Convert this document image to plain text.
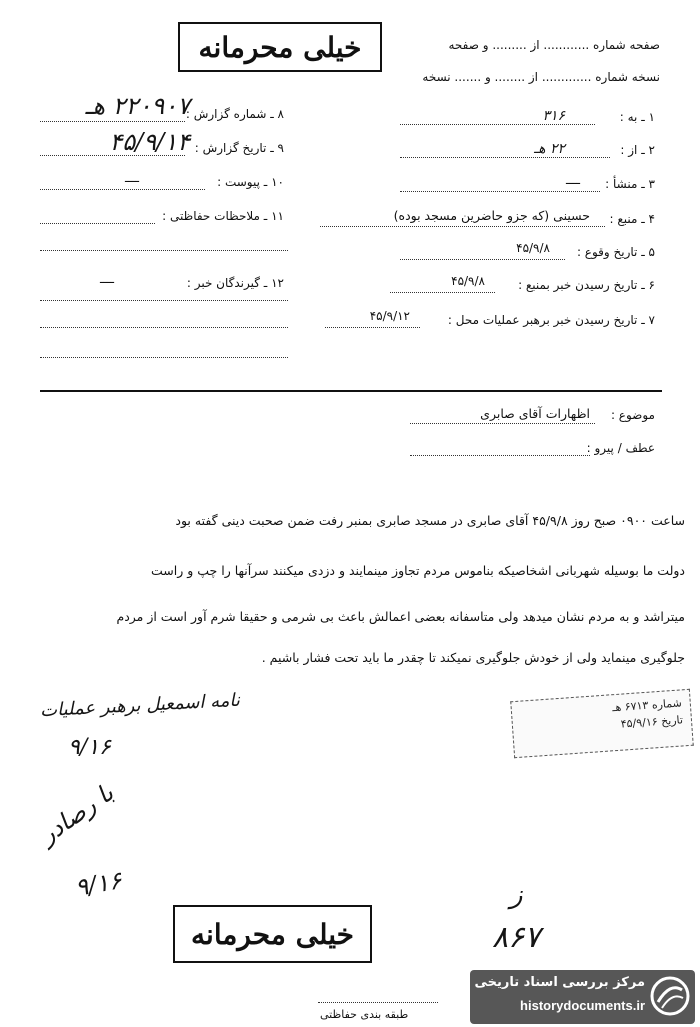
خیلی محرمانه	صفحه شماره ............ از ......... و صفحه
نسخه شماره ............. از ........ و ....... نسخه
۱ ـ به :
۳۱۶
۲ ـ از :
۲۲ هـ
۳ ـ منشأ :
ــــ
۴ ـ منبع :
حسینی (که جزو حاضرین مسجد بوده)
۵ ـ تاریخ وقوع :
۴۵/۹/۸
۶ ـ تاریخ رسیدن خبر بمنبع :
۴۵/۹/۸
۷ ـ تاریخ رسیدن خبر برهبر عملیات محل :
۴۵/۹/۱۲
۸ ـ شماره گزارش :
۲۲۰۹۰۷ هـ
۹ ـ تاریخ گزارش :
۴۵/۹/۱۴
۱۰ ـ پیوست :
ــــ
۱۱ ـ ملاحظات حفاظتی :
۱۲ ـ گیرندگان خبر :
ــــ
موضوع :
اظهارات آقای صابری
عطف / پیرو :
ساعت ۰۹۰۰ صبح روز ۴۵/۹/۸ آقای صابری در مسجد صابری بمنبر رفت ضمن صحبت دینی گفته بود
دولت ما بوسیله شهربانی اشخاصیکه بناموس مردم تجاوز مینمایند و دزدی میکنند سرآنها را چپ و راست
میتراشد و به مردم نشان میدهد ولی متاسفانه بعضی اعمالش باعث بی شرمی و حقیقا شرم آور است از مردم
جلوگیری مینماید ولی از خودش جلوگیری نمیکند تا چقدر ما باید تحت فشار باشیم .
نامه اسمعیل برهبر عملیات
۹/۱۶
با رصادر
۹/۱۶	ز
۸۶۷
شماره ۶۷۱۳ هـ
تاریخ ۴۵/۹/۱۶
خیلی محرمانه
طبقه بندی حفاظتی
مرکز بررسی اسناد تاریخی
historydocuments.ir
